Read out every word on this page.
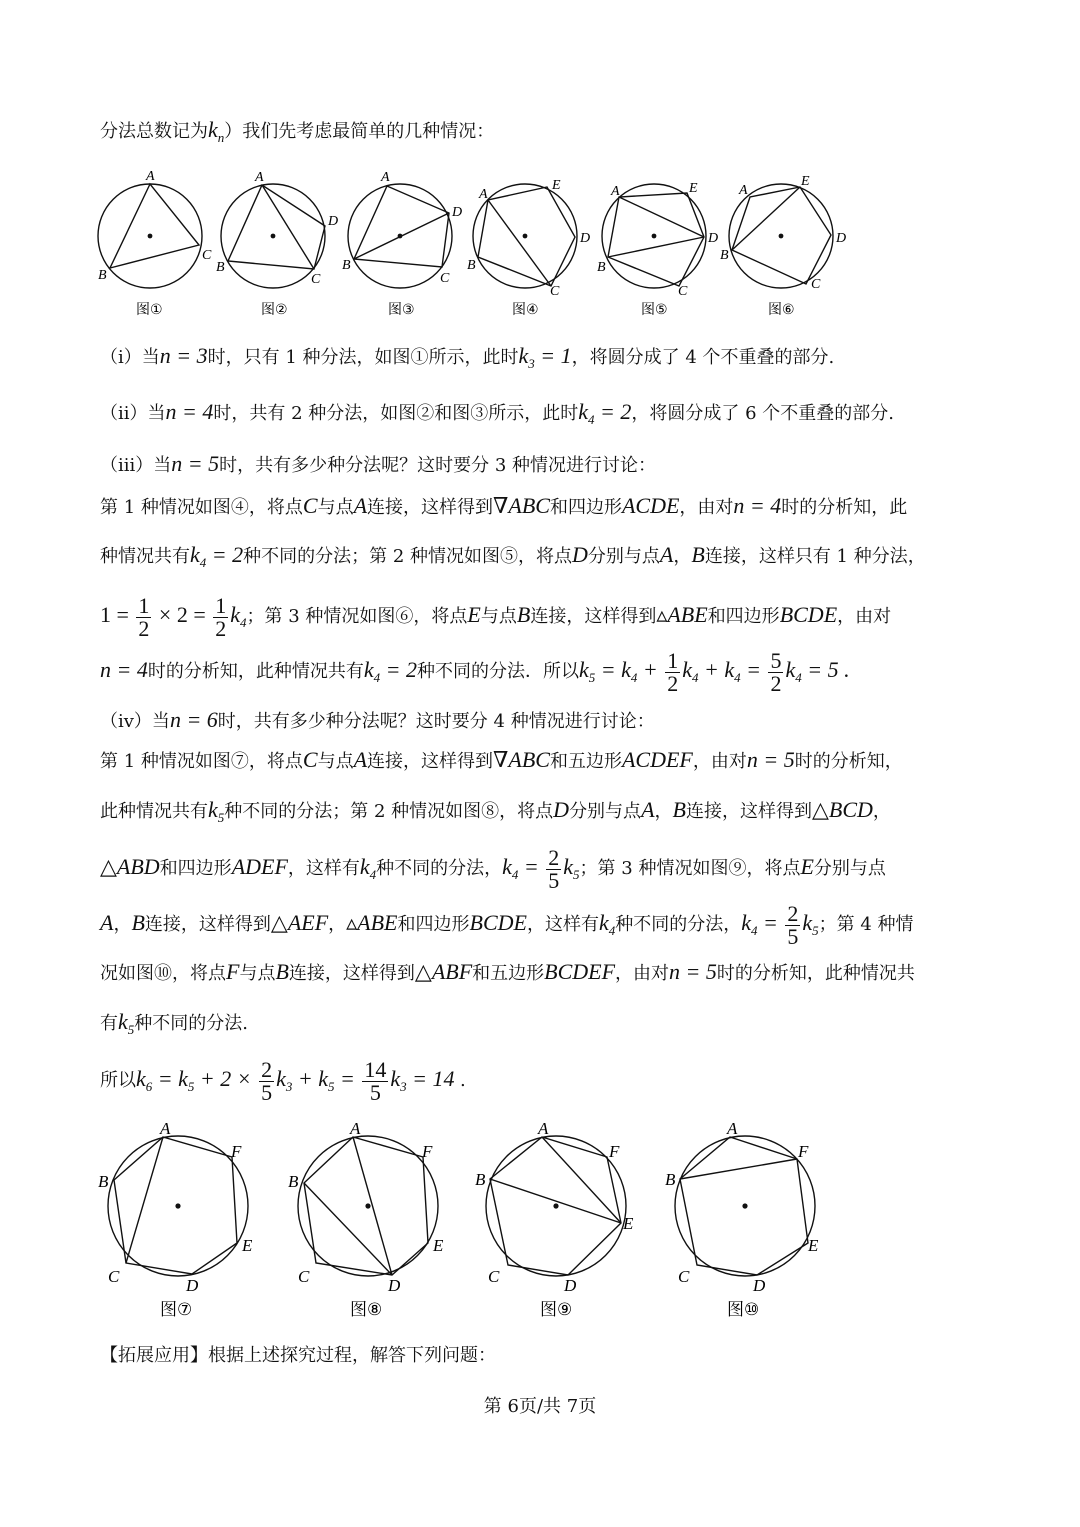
分法总数记为$k_n$）我们先考虑最简单的几种情况：
A
B
C
图①
A
B
C
D
图②
A
B
C
D
图③
A
B
C
D
E
图④
A
B
C
D
E
图⑤
A
B
C
D
E
图⑥
（i）当n = 3时，只有 1 种分法，如图①所示，此时$k_3 = 1$，将圆分成了 4 个不重叠的部分.
（ii）当n = 4时，共有 2 种分法，如图②和图③所示，此时$k_4 = 2$，将圆分成了 6 个不重叠的部分.
（iii）当n = 5时，共有多少种分法呢？这时要分 3 种情况进行讨论：
第 1 种情况如图④，将点C与点A连接，这样得到∇ABC和四边形ACDE，由对n = 4时的分析知，此
种情况共有$k_4 = 2$种不同的分法；第 2 种情况如图⑤，将点D分别与点A，B连接，这样只有 1 种分法，
$1 = \frac{1}{2} \times 2 = \frac{1}{2} k_4$；第 3 种情况如图⑥，将点E与点B连接，这样得到▵ABE和四边形BCDE，由对
n = 4时的分析知，此种情况共有$k_4 = 2$种不同的分法．所以$k_5 = k_4 + \frac{1}{2} k_4 + k_4 = \frac{5}{2} k_4 = 5$ .
（iv）当n = 6时，共有多少种分法呢？这时要分 4 种情况进行讨论：
第 1 种情况如图⑦，将点C与点A连接，这样得到∇ABC和五边形ACDEF，由对n = 5时的分析知，
此种情况共有$k_5$种不同的分法；第 2 种情况如图⑧，将点D分别与点A，B连接，这样得到△BCD，
△ABD和四边形ADEF，这样有$k_4$种不同的分法，$k_4 = \frac{2}{5} k_5$；第 3 种情况如图⑨，将点E分别与点
A，B连接，这样得到△AEF，▵ABE和四边形BCDE，这样有$k_4$种不同的分法，$k_4 = \frac{2}{5} k_5$；第 4 种情
况如图⑩，将点F与点B连接，这样得到△ABF和五边形BCDEF，由对n = 5时的分析知，此种情况共
有$k_5$种不同的分法.
所以$k_6 = k_5 + 2 \times \frac{2}{5} k_3 + k_5 = \frac{14}{5} k_3 = 14$ .
A
B
C	D
E
F
图⑦
A
B
C	D
E
F
图⑧
A
B
C	D
E
F
图⑨
A
B
C	D
E
F
图⑩
【拓展应用】根据上述探究过程，解答下列问题：
第 6页/共 7页
